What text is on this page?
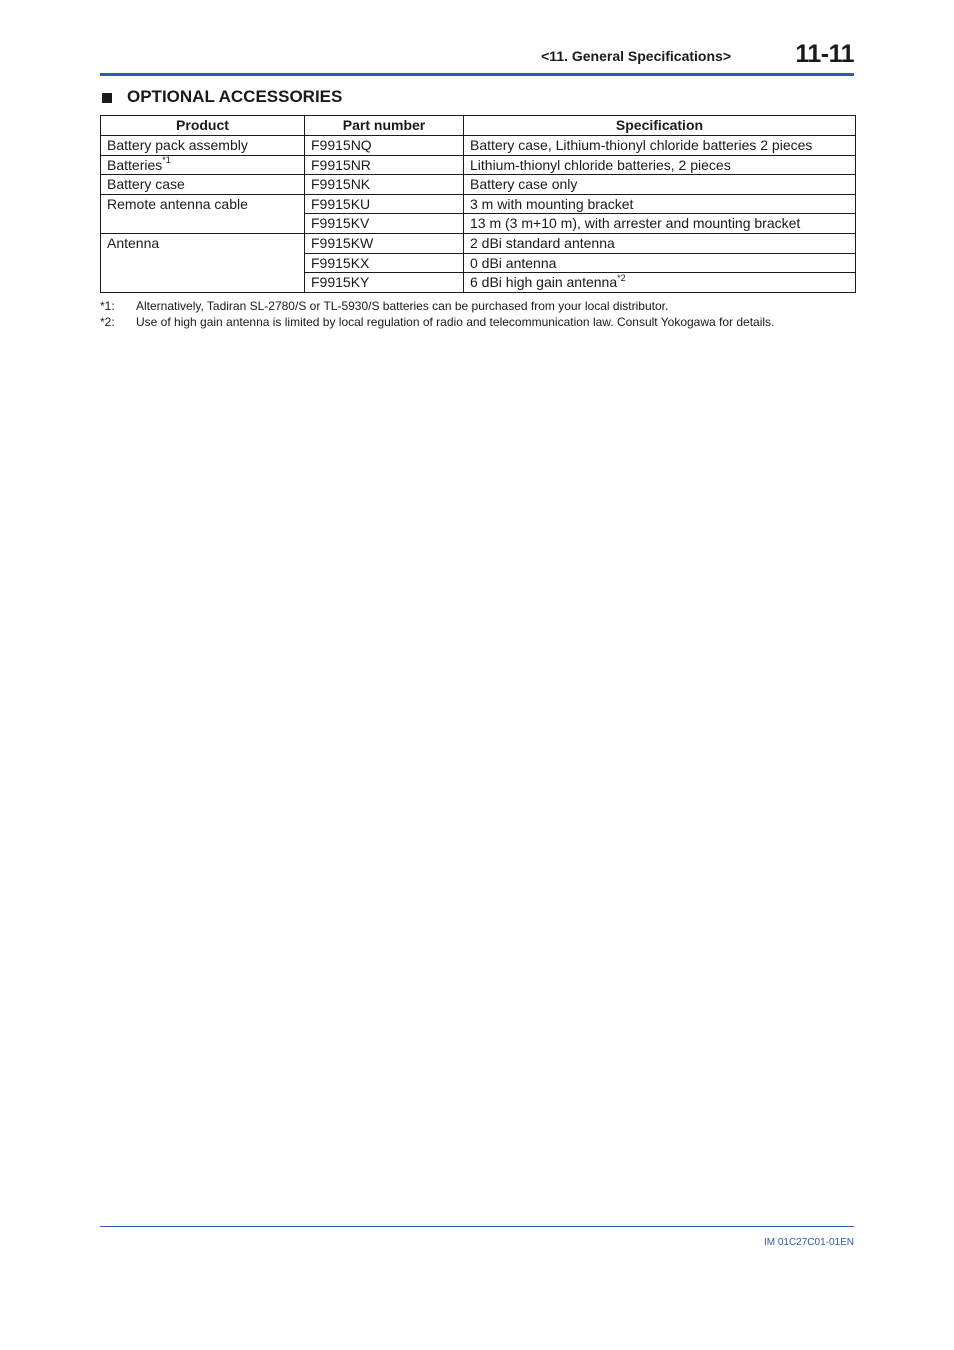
<11. General Specifications>	11-11
OPTIONAL ACCESSORIES
Product	Part number	Specification
Battery pack assembly	F9915NQ	Battery case, Lithium-thionyl chloride batteries 2 pieces
Batteries$^{*1}$	F9915NR	Lithium-thionyl chloride batteries, 2 pieces
Battery case	F9915NK	Battery case only
Remote antenna cable	F9915KU	3 m with mounting bracket
	F9915KV	13 m (3 m+10 m), with arrester and mounting bracket
Antenna	F9915KW	2 dBi standard antenna
	F9915KX	0 dBi antenna
	F9915KY	6 dBi high gain antenna$^{*2}$
*1: Alternatively, Tadiran SL-2780/S or TL-5930/S batteries can be purchased from your local distributor.
*2: Use of high gain antenna is limited by local regulation of radio and telecommunication law. Consult Yokogawa for details.
IM 01C27C01-01EN
